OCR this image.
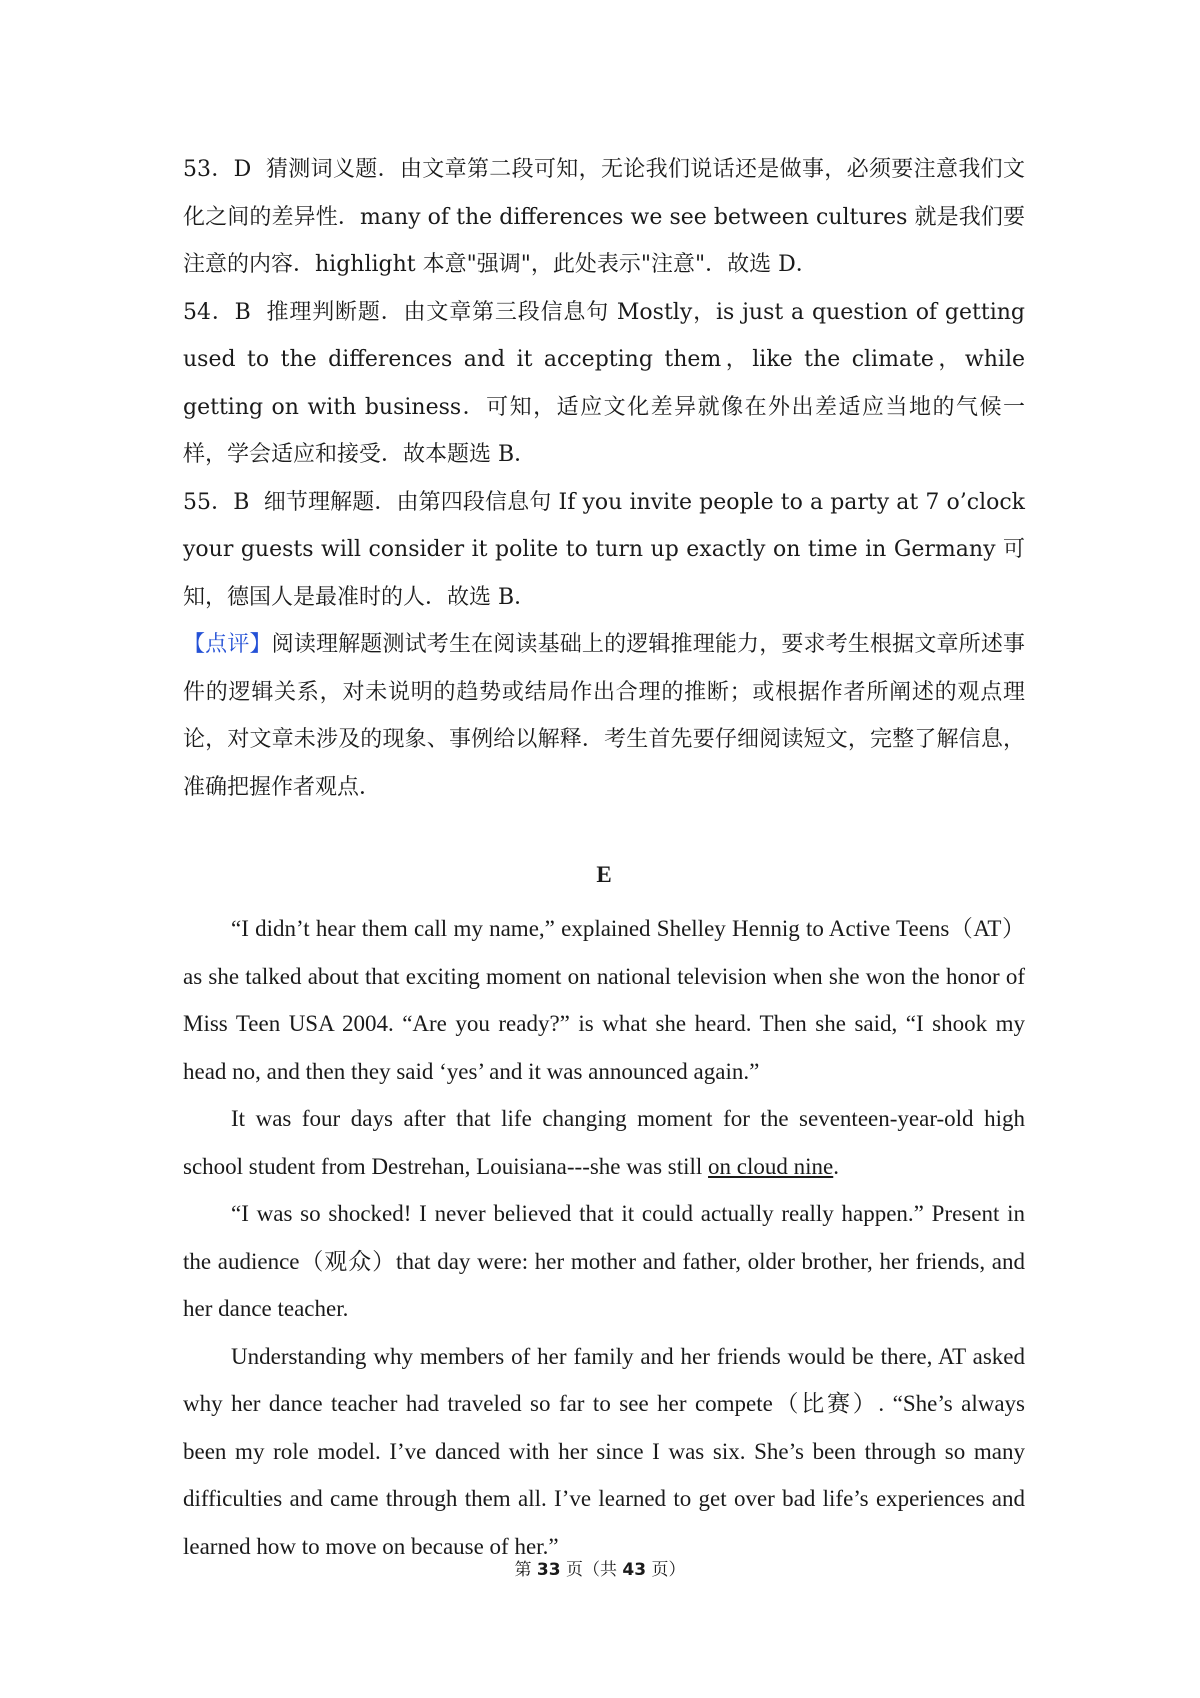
53．D 猜测词义题．由文章第二段可知，无论我们说话还是做事，必须要注意我们文化之间的差异性．many of the differences we see between cultures 就是我们要注意的内容．highlight 本意"强调"，此处表示"注意"．故选 D．

54．B 推理判断题．由文章第三段信息句 Mostly，is just a question of getting used to the differences and it accepting them，like the climate，while getting on with business．可知，适应文化差异就像在外出差适应当地的气候一样，学会适应和接受．故本题选 B．

55．B 细节理解题．由第四段信息句 If you invite people to a party at 7 o’clock your guests will consider it polite to turn up exactly on time in Germany 可知，德国人是最准时的人．故选 B．

【点评】阅读理解题测试考生在阅读基础上的逻辑推理能力，要求考生根据文章所述事件的逻辑关系，对未说明的趋势或结局作出合理的推断；或根据作者所阐述的观点理论，对文章未涉及的现象、事例给以解释．考生首先要仔细阅读短文，完整了解信息，准确把握作者观点．

E

“I didn’t hear them call my name,” explained Shelley Hennig to Active Teens（AT）as she talked about that exciting moment on national television when she won the honor of Miss Teen USA 2004. “Are you ready?” is what she heard. Then she said, “I shook my head no, and then they said ‘yes’ and it was announced again.”

It was four days after that life changing moment for the seventeen-year-old high school student from Destrehan, Louisiana---she was still on cloud nine.

“I was so shocked! I never believed that it could actually really happen.” Present in the audience（观众）that day were: her mother and father, older brother, her friends, and her dance teacher.

Understanding why members of her family and her friends would be there, AT asked why her dance teacher had traveled so far to see her compete（比赛）. “She’s always been my role model. I’ve danced with her since I was six. She’s been through so many difficulties and came through them all. I’ve learned to get over bad life’s experiences and learned how to move on because of her.”

第 33 页（共 43 页）
